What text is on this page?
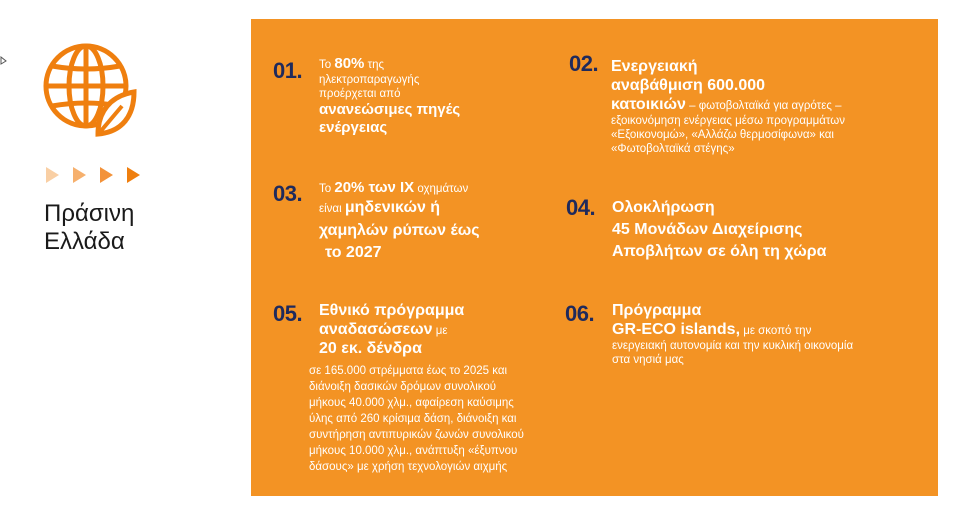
Πράσινη
Ελλάδα
01. Το 80% της
ηλεκτροπαραγωγής
προέρχεται από
ανανεώσιμες πηγές
ενέργειας
02. Ενεργειακή
αναβάθμιση 600.000
κατοικιών – φωτοβολταϊκά για αγρότες –
εξοικονόμηση ενέργειας μέσω προγραμμάτων
«Εξοικονομώ», «Αλλάζω θερμοσίφωνα» και
«Φωτοβολταϊκά στέγης»
03. Το 20% των ΙΧ οχημάτων
είναι μηδενικών ή
χαμηλών ρύπων έως
το 2027
04. Ολοκλήρωση
45 Μονάδων Διαχείρισης
Αποβλήτων σε όλη τη χώρα
05. Εθνικό πρόγραμμα
αναδασώσεων με
20 εκ. δένδρα
σε 165.000 στρέμματα έως το 2025 και
διάνοιξη δασικών δρόμων συνολικού
μήκους 40.000 χλμ., αφαίρεση καύσιμης
ύλης από 260 κρίσιμα δάση, διάνοιξη και
συντήρηση αντιπυρικών ζωνών συνολικού
μήκους 10.000 χλμ., ανάπτυξη «έξυπνου
δάσους» με χρήση τεχνολογιών αιχμής
06. Πρόγραμμα
GR-ECO islands, με σκοπό την
ενεργειακή αυτονομία και την κυκλική οικονομία
στα νησιά μας
